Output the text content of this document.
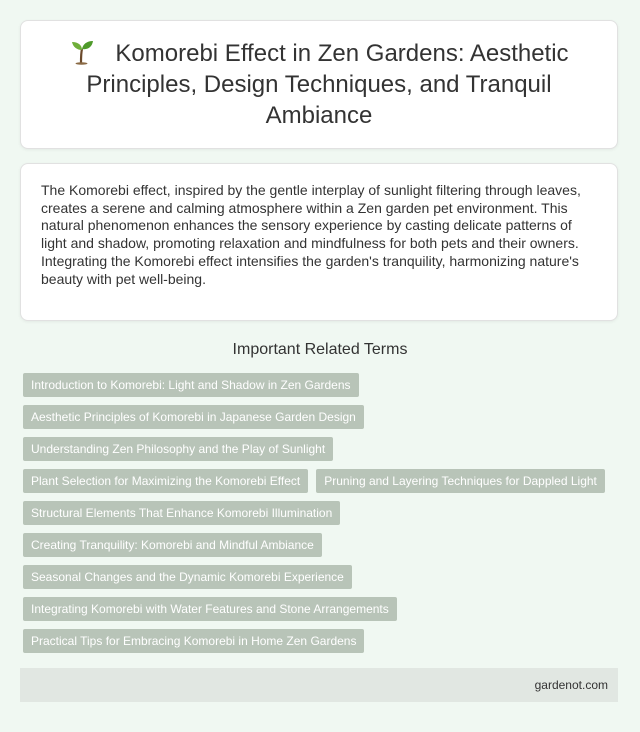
Komorebi Effect in Zen Gardens: Aesthetic Principles, Design Techniques, and Tranquil Ambiance

The Komorebi effect, inspired by the gentle interplay of sunlight filtering through leaves, creates a serene and calming atmosphere within a Zen garden pet environment. This natural phenomenon enhances the sensory experience by casting delicate patterns of light and shadow, promoting relaxation and mindfulness for both pets and their owners. Integrating the Komorebi effect intensifies the garden's tranquility, harmonizing nature's beauty with pet well-being.

Important Related Terms
Introduction to Komorebi: Light and Shadow in Zen Gardens
Aesthetic Principles of Komorebi in Japanese Garden Design
Understanding Zen Philosophy and the Play of Sunlight
Plant Selection for Maximizing the Komorebi Effect	Pruning and Layering Techniques for Dappled Light
Structural Elements That Enhance Komorebi Illumination
Creating Tranquility: Komorebi and Mindful Ambiance
Seasonal Changes and the Dynamic Komorebi Experience
Integrating Komorebi with Water Features and Stone Arrangements
Practical Tips for Embracing Komorebi in Home Zen Gardens
gardenot.com
